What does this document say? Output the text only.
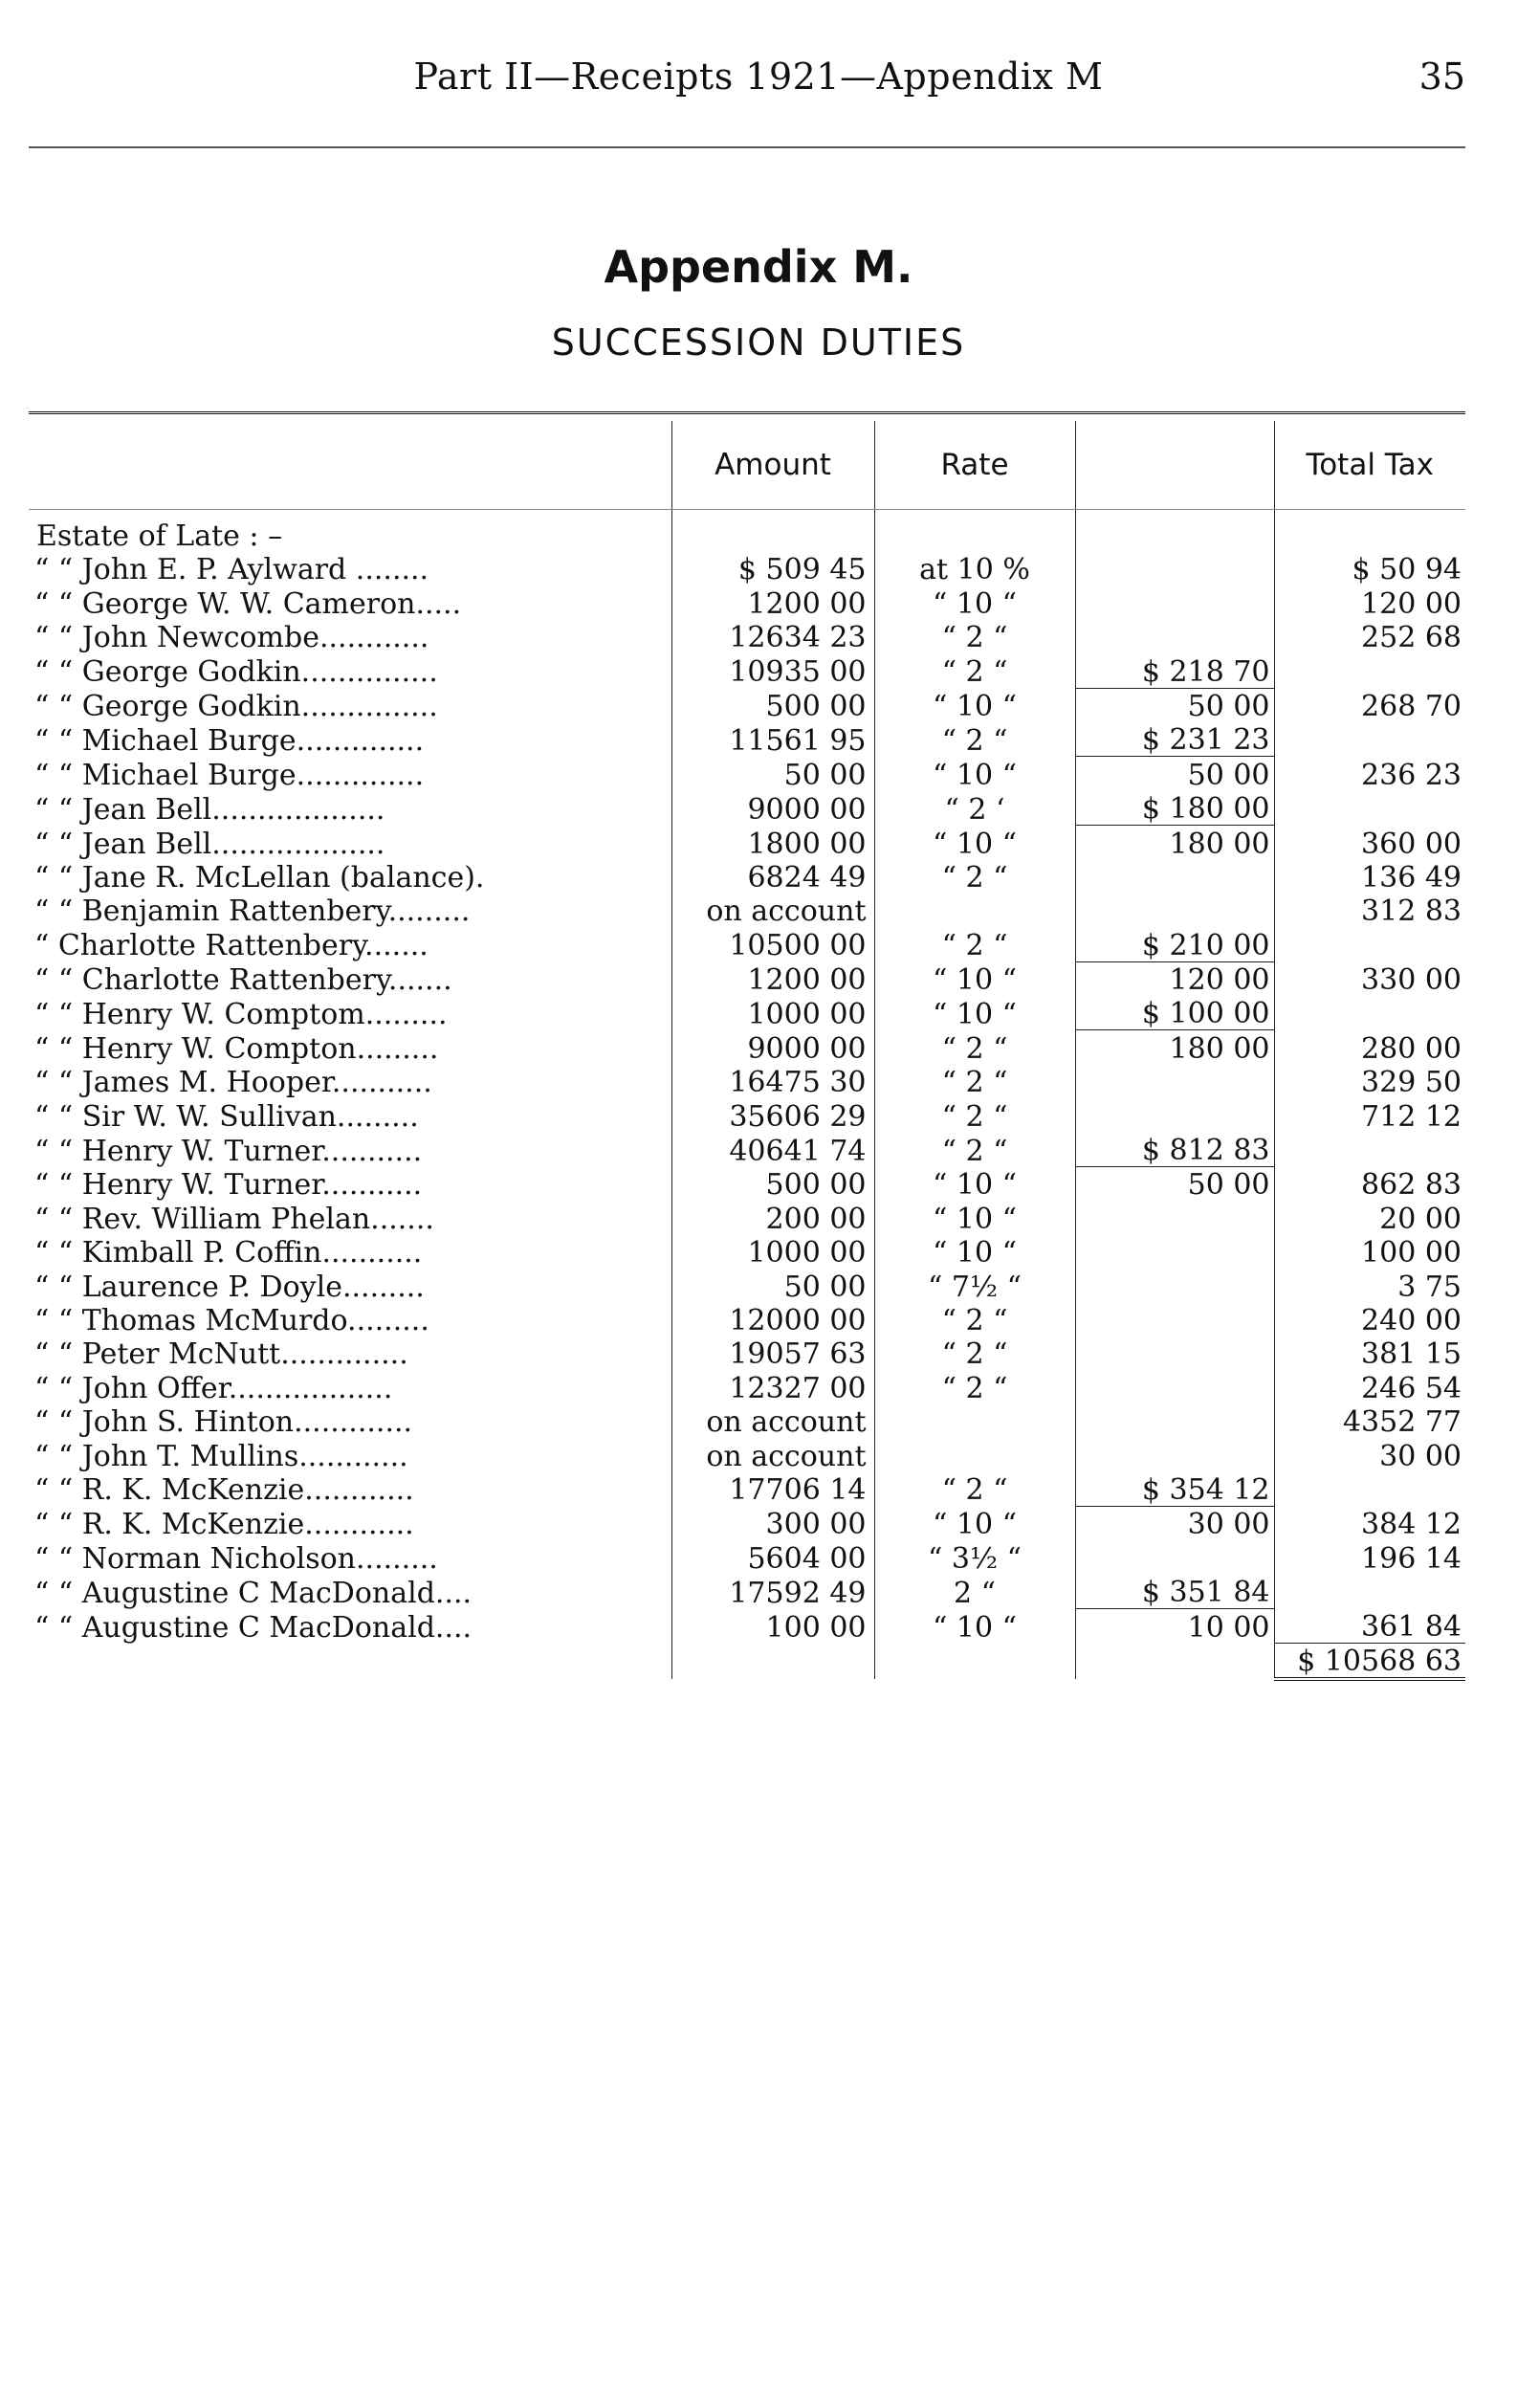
Part II—Receipts 1921—Appendix M	35
Appendix M.
SUCCESSION DUTIES
	Amount	Rate		Total Tax
Estate of Late : –				
“ “ John E. P. Aylward ........	$ 509 45	at 10 %		$ 50 94
“ “ George W. W. Cameron.....	1200 00	“ 10 “		120 00
“ “ John Newcombe............	12634 23	“ 2 “		252 68
“ “ George Godkin...............	10935 00	“ 2 “	$ 218 70	
“ “ George Godkin...............	500 00	“ 10 “	50 00	268 70
“ “ Michael Burge..............	11561 95	“ 2 “	$ 231 23	
“ “ Michael Burge..............	50 00	“ 10 “	50 00	236 23
“ “ Jean Bell...................	9000 00	“ 2 ‘	$ 180 00	
“ “ Jean Bell...................	1800 00	“ 10 “	180 00	360 00
“ “ Jane R. McLellan (balance).	6824 49	“ 2 “		136 49
“ “ Benjamin Rattenbery.........	on account			312 83
“ Charlotte Rattenbery.......	10500 00	“ 2 “	$ 210 00	
“ “ Charlotte Rattenbery.......	1200 00	“ 10 “	120 00	330 00
“ “ Henry W. Comptom.........	1000 00	“ 10 “	$ 100 00	
“ “ Henry W. Compton.........	9000 00	“ 2 “	180 00	280 00
“ “ James M. Hooper...........	16475 30	“ 2 “		329 50
“ “ Sir W. W. Sullivan.........	35606 29	“ 2 “		712 12
“ “ Henry W. Turner...........	40641 74	“ 2 “	$ 812 83	
“ “ Henry W. Turner...........	500 00	“ 10 “	50 00	862 83
“ “ Rev. William Phelan.......	200 00	“ 10 “		20 00
“ “ Kimball P. Coffin...........	1000 00	“ 10 “		100 00
“ “ Laurence P. Doyle.........	50 00	“ 7½ “		3 75
“ “ Thomas McMurdo.........	12000 00	“ 2 “		240 00
“ “ Peter McNutt..............	19057 63	“ 2 “		381 15
“ “ John Offer..................	12327 00	“ 2 “		246 54
“ “ John S. Hinton.............	on account			4352 77
“ “ John T. Mullins............	on account			30 00
“ “ R. K. McKenzie............	17706 14	“ 2 “	$ 354 12	
“ “ R. K. McKenzie............	300 00	“ 10 “	30 00	384 12
“ “ Norman Nicholson.........	5604 00	“ 3½ “		196 14
“ “ Augustine C MacDonald....	17592 49	2 “	$ 351 84	
“ “ Augustine C MacDonald....	100 00	“ 10 “	10 00	361 84
				$ 10568 63
